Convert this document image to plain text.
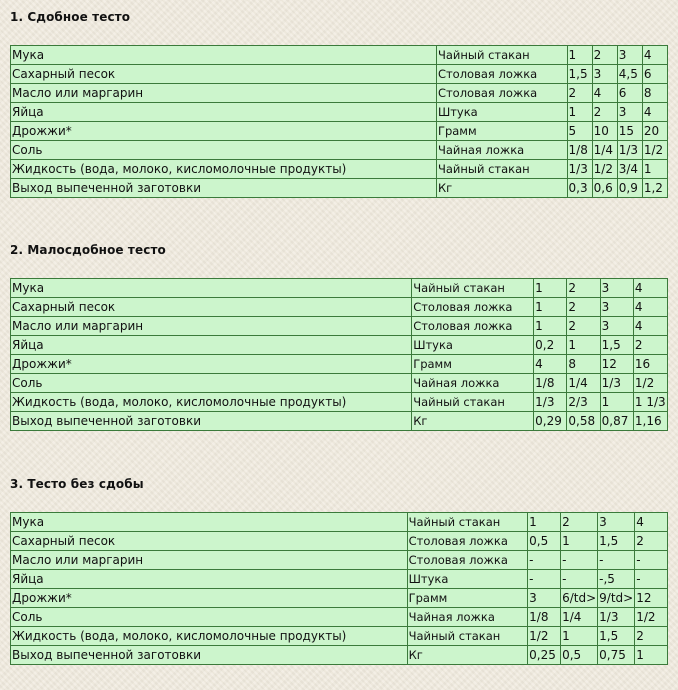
1. Сдобное тесто
Мука	Чайный стакан	1	2	3	4
Сахарный песок	Столовая ложка	1,5	3	4,5	6
Масло или маргарин	Столовая ложка	2	4	6	8
Яйца	Штука	1	2	3	4
Дрожжи*	Грамм	5	10	15	20
Соль	Чайная ложка	1/8	1/4	1/3	1/2
Жидкость (вода, молоко, кисломолочные продукты)	Чайный стакан	1/3	1/2	3/4	1
Выход выпеченной заготовки	Кг	0,3	0,6	0,9	1,2
2. Малосдобное тесто
Мука	Чайный стакан	1	2	3	4
Сахарный песок	Столовая ложка	1	2	3	4
Масло или маргарин	Столовая ложка	1	2	3	4
Яйца	Штука	0,2	1	1,5	2
Дрожжи*	Грамм	4	8	12	16
Соль	Чайная ложка	1/8	1/4	1/3	1/2
Жидкость (вода, молоко, кисломолочные продукты)	Чайный стакан	1/3	2/3	1	1 1/3
Выход выпеченной заготовки	Кг	0,29	0,58	0,87	1,16
3. Тесто без сдобы
Мука	Чайный стакан	1	2	3	4
Сахарный песок	Столовая ложка	0,5	1	1,5	2
Масло или маргарин	Столовая ложка	-	-	-	-
Яйца	Штука	-	-	-,5	-
Дрожжи*	Грамм	3	6/td>	9/td>	12
Соль	Чайная ложка	1/8	1/4	1/3	1/2
Жидкость (вода, молоко, кисломолочные продукты)	Чайный стакан	1/2	1	1,5	2
Выход выпеченной заготовки	Кг	0,25	0,5	0,75	1
